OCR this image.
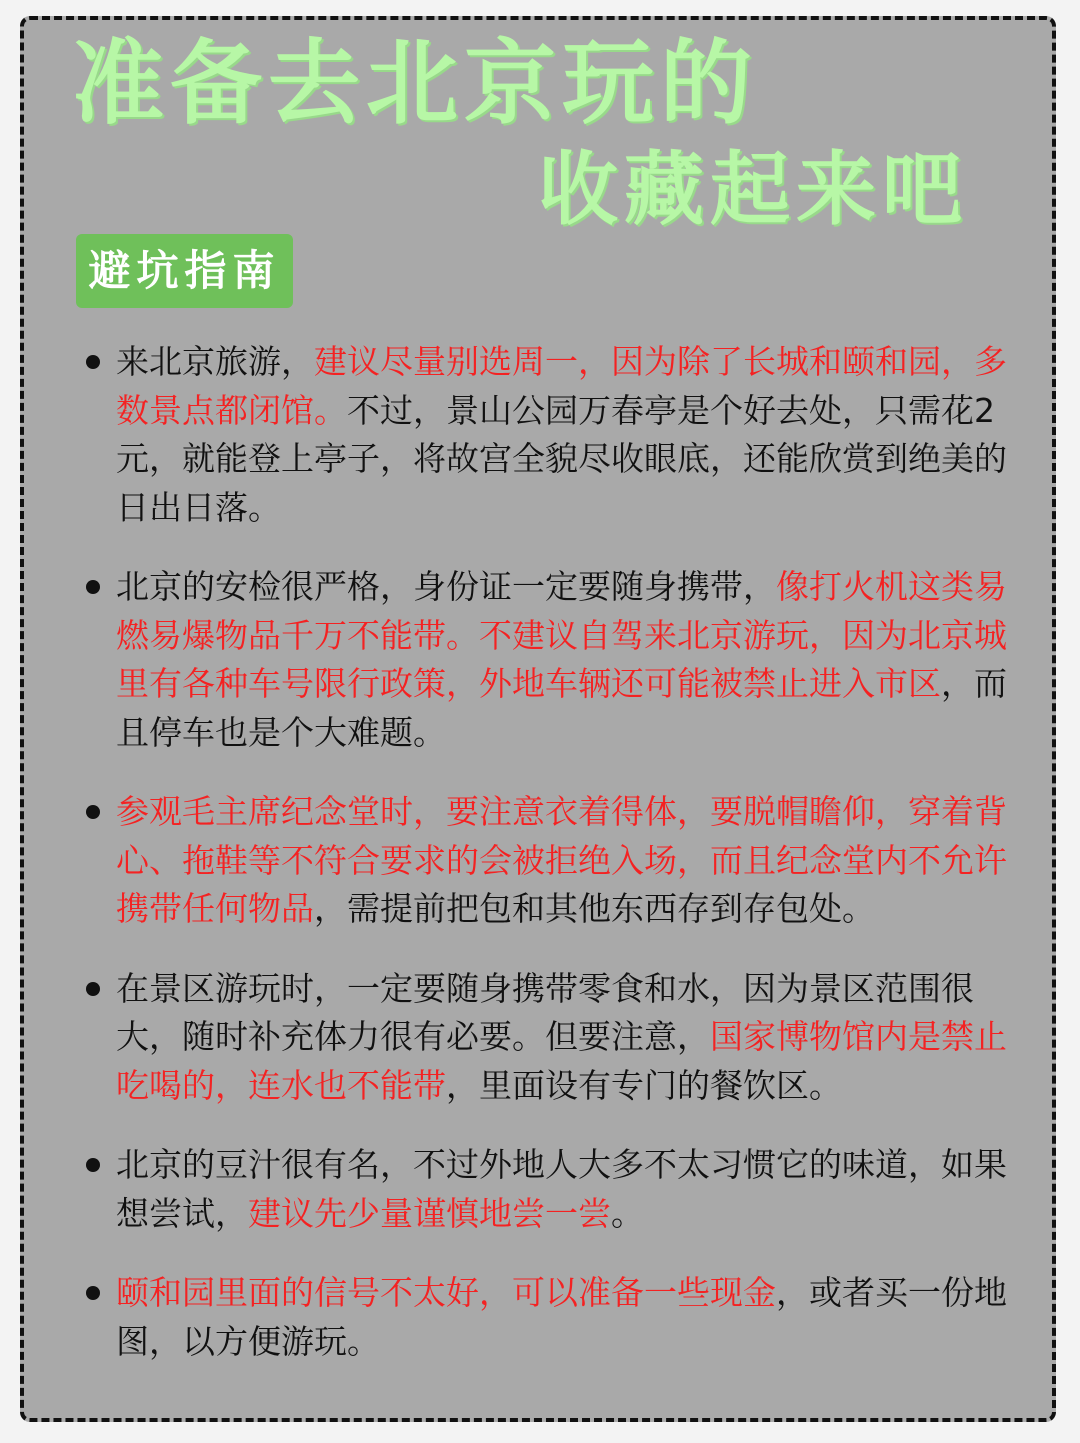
准备去北京玩的
收藏起来吧
避坑指南
来北京旅游，建议尽量别选周一，因为除了长城和颐和园，多数景点都闭馆。不过，景山公园万春亭是个好去处，只需花2元，就能登上亭子，将故宫全貌尽收眼底，还能欣赏到绝美的日出日落。
北京的安检很严格，身份证一定要随身携带，像打火机这类易燃易爆物品千万不能带。不建议自驾来北京游玩，因为北京城里有各种车号限行政策，外地车辆还可能被禁止进入市区，而且停车也是个大难题。
参观毛主席纪念堂时，要注意衣着得体，要脱帽瞻仰，穿着背心、拖鞋等不符合要求的会被拒绝入场，而且纪念堂内不允许携带任何物品，需提前把包和其他东西存到存包处。
在景区游玩时，一定要随身携带零食和水，因为景区范围很大，随时补充体力很有必要。但要注意，国家博物馆内是禁止吃喝的，连水也不能带，里面设有专门的餐饮区。
北京的豆汁很有名，不过外地人大多不太习惯它的味道，如果想尝试，建议先少量谨慎地尝一尝。
颐和园里面的信号不太好，可以准备一些现金，或者买一份地图，以方便游玩。
